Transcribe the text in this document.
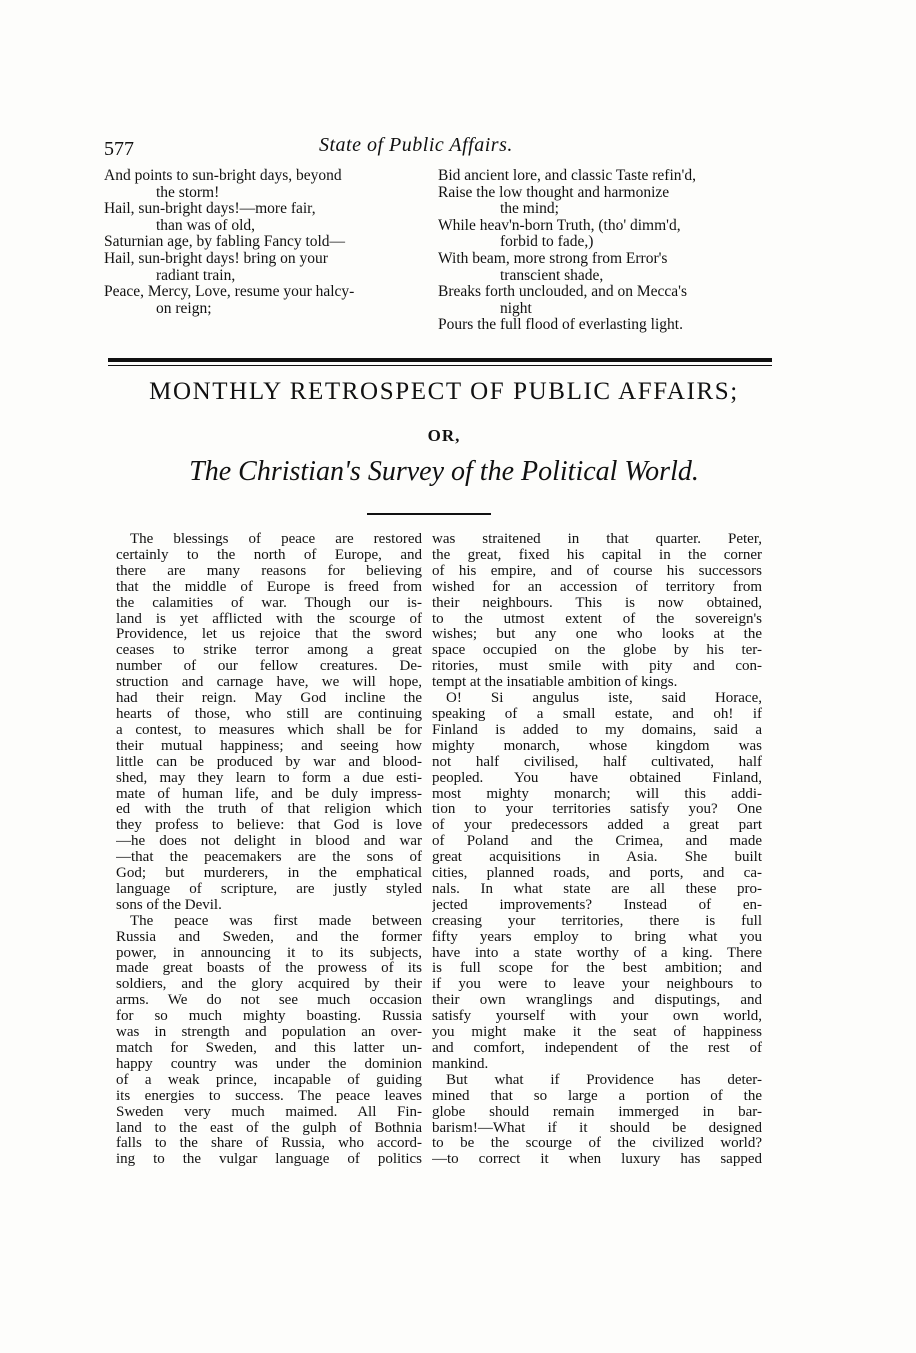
577	State of Public Affairs.
And points to sun-bright days, beyond
the storm!
Hail, sun-bright days!—more fair,
than was of old,
Saturnian age, by fabling Fancy told—
Hail, sun-bright days! bring on your
radiant train,
Peace, Mercy, Love, resume your halcy-
on reign;
Bid ancient lore, and classic Taste refin'd,
Raise the low thought and harmonize
the mind;
While heav'n-born Truth, (tho' dimm'd,
forbid to fade,)
With beam, more strong from Error's
transcient shade,
Breaks forth unclouded, and on Mecca's
night
Pours the full flood of everlasting light.
MONTHLY RETROSPECT OF PUBLIC AFFAIRS;
OR,
The Christian's Survey of the Political World.
The blessings of peace are restored
certainly to the north of Europe, and
there are many reasons for believing
that the middle of Europe is freed from
the calamities of war. Though our is-
land is yet afflicted with the scourge of
Providence, let us rejoice that the sword
ceases to strike terror among a great
number of our fellow creatures. De-
struction and carnage have, we will hope,
had their reign. May God incline the
hearts of those, who still are continuing
a contest, to measures which shall be for
their mutual happiness; and seeing how
little can be produced by war and blood-
shed, may they learn to form a due esti-
mate of human life, and be duly impress-
ed with the truth of that religion which
they profess to believe: that God is love
—he does not delight in blood and war
—that the peacemakers are the sons of
God; but murderers, in the emphatical
language of scripture, are justly styled
sons of the Devil.
The peace was first made between
Russia and Sweden, and the former
power, in announcing it to its subjects,
made great boasts of the prowess of its
soldiers, and the glory acquired by their
arms. We do not see much occasion
for so much mighty boasting. Russia
was in strength and population an over-
match for Sweden, and this latter un-
happy country was under the dominion
of a weak prince, incapable of guiding
its energies to success. The peace leaves
Sweden very much maimed. All Fin-
land to the east of the gulph of Bothnia
falls to the share of Russia, who accord-
ing to the vulgar language of politics
was straitened in that quarter. Peter,
the great, fixed his capital in the corner
of his empire, and of course his successors
wished for an accession of territory from
their neighbours. This is now obtained,
to the utmost extent of the sovereign's
wishes; but any one who looks at the
space occupied on the globe by his ter-
ritories, must smile with pity and con-
tempt at the insatiable ambition of kings.
O! Si angulus iste, said Horace,
speaking of a small estate, and oh! if
Finland is added to my domains, said a
mighty monarch, whose kingdom was
not half civilised, half cultivated, half
peopled. You have obtained Finland,
most mighty monarch; will this addi-
tion to your territories satisfy you? One
of your predecessors added a great part
of Poland and the Crimea, and made
great acquisitions in Asia. She built
cities, planned roads, and ports, and ca-
nals. In what state are all these pro-
jected improvements? Instead of en-
creasing your territories, there is full
fifty years employ to bring what you
have into a state worthy of a king. There
is full scope for the best ambition; and
if you were to leave your neighbours to
their own wranglings and disputings, and
satisfy yourself with your own world,
you might make it the seat of happiness
and comfort, independent of the rest of
mankind.
But what if Providence has deter-
mined that so large a portion of the
globe should remain immerged in bar-
barism!—What if it should be designed
to be the scourge of the civilized world?
—to correct it when luxury has sapped
